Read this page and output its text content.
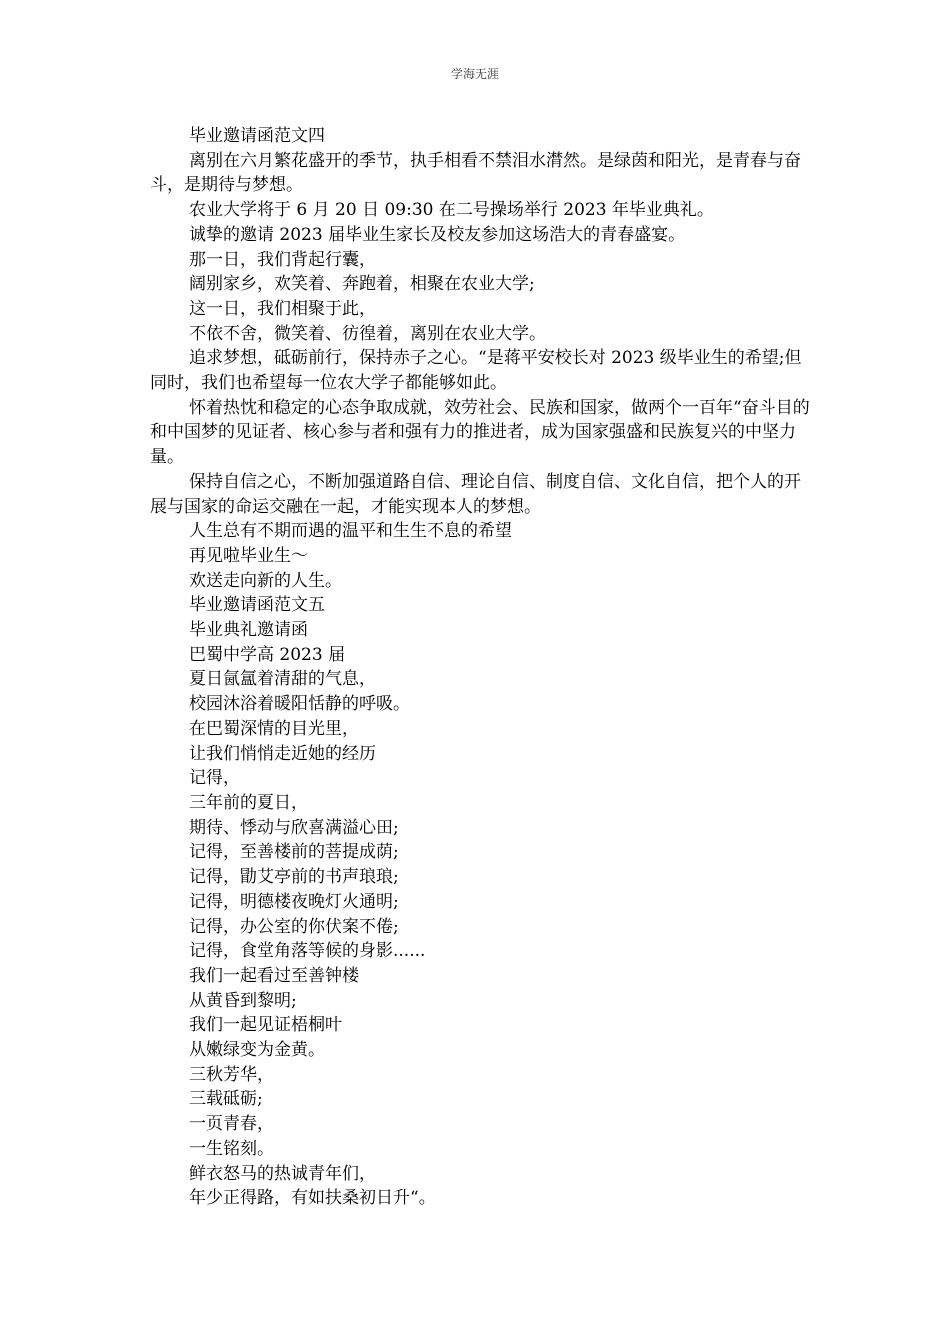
学海无涯

毕业邀请函范文四

离别在六月繁花盛开的季节，执手相看不禁泪水潸然。是绿茵和阳光，是青春与奋斗，是期待与梦想。

农业大学将于 6 月 20 日 09:30 在二号操场举行 2023 年毕业典礼。

诚挚的邀请 2023 届毕业生家长及校友参加这场浩大的青春盛宴。

那一日，我们背起行囊，

阔别家乡，欢笑着、奔跑着，相聚在农业大学;

这一日，我们相聚于此，

不依不舍，微笑着、彷徨着，离别在农业大学。

追求梦想，砥砺前行，保持赤子之心。“是蒋平安校长对 2023 级毕业生的希望;但同时，我们也希望每一位农大学子都能够如此。

怀着热忱和稳定的心态争取成就，效劳社会、民族和国家，做两个一百年“奋斗目的和中国梦的见证者、核心参与者和强有力的推进者，成为国家强盛和民族复兴的中坚力量。

保持自信之心，不断加强道路自信、理论自信、制度自信、文化自信，把个人的开展与国家的命运交融在一起，才能实现本人的梦想。

人生总有不期而遇的温平和生生不息的希望

再见啦毕业生～

欢送走向新的人生。

毕业邀请函范文五

毕业典礼邀请函

巴蜀中学高 2023 届

夏日氤氲着清甜的气息，

校园沐浴着暖阳恬静的呼吸。

在巴蜀深情的目光里，

让我们悄悄走近她的经历

记得，

三年前的夏日，

期待、悸动与欣喜满溢心田;

记得，至善楼前的菩提成荫;

记得，勖艾亭前的书声琅琅;

记得，明德楼夜晚灯火通明;

记得，办公室的你伏案不倦;

记得，食堂角落等候的身影......

我们一起看过至善钟楼

从黄昏到黎明;

我们一起见证梧桐叶

从嫩绿变为金黄。

三秋芳华，

三载砥砺;

一页青春，

一生铭刻。

鲜衣怒马的热诚青年们，

年少正得路，有如扶桑初日升“。
